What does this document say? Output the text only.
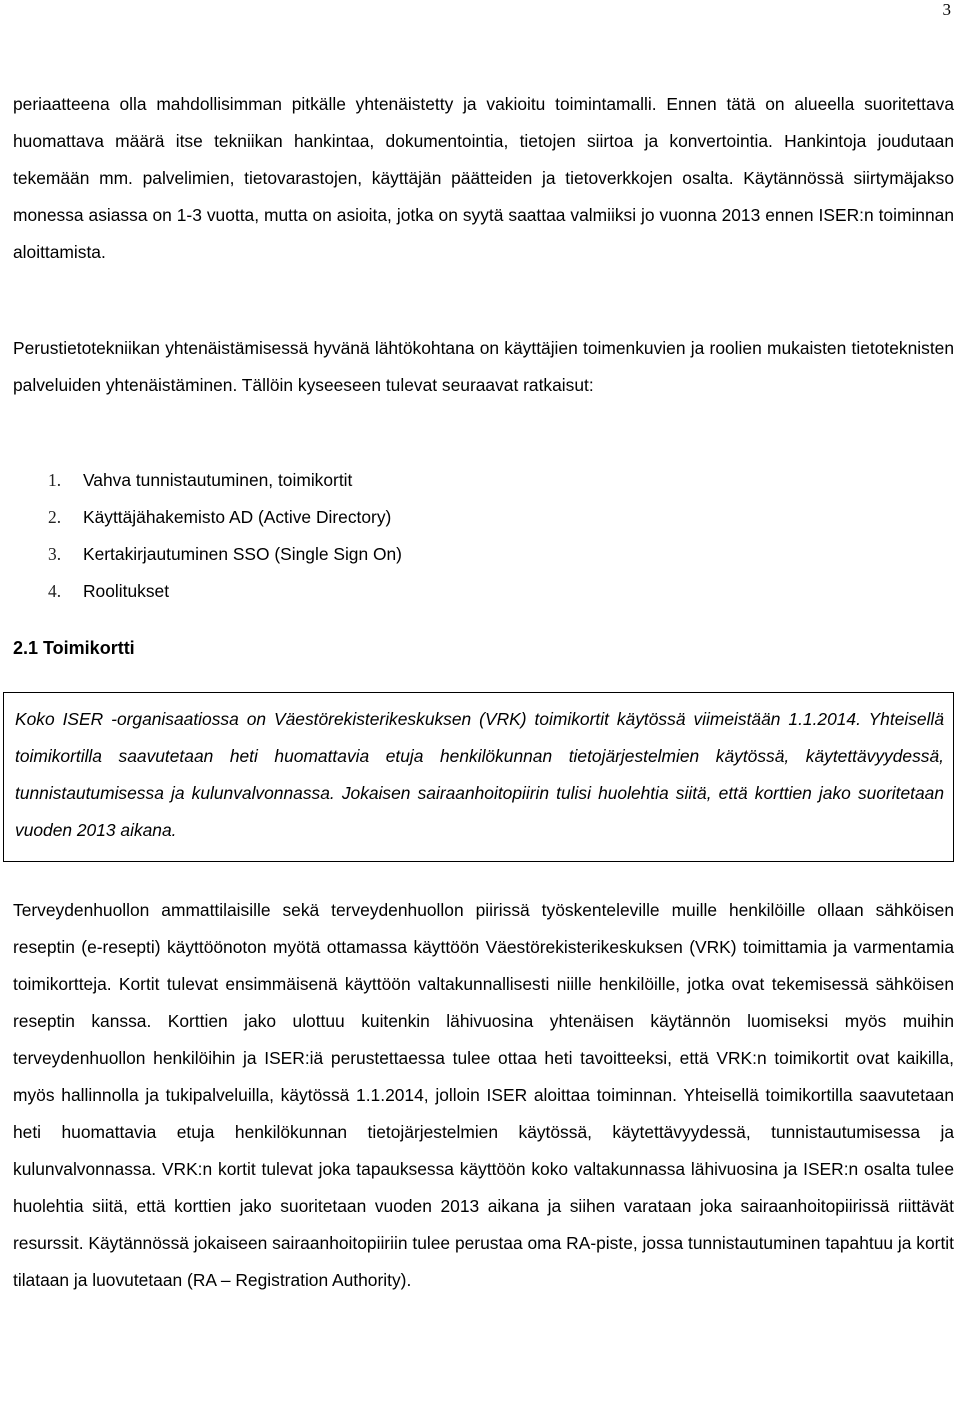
3

periaatteena olla mahdollisimman pitkälle yhtenäistetty ja vakioitu toimintamalli. Ennen tätä on alueella suoritettava huomattava määrä itse tekniikan hankintaa, dokumentointia, tietojen siirtoa ja konvertointia. Hankintoja joudutaan tekemään mm. palvelimien, tietovarastojen, käyttäjän päätteiden ja tietoverkkojen osalta. Käytännössä siirtymäjakso monessa asiassa on 1-3 vuotta, mutta on asioita, jotka on syytä saattaa valmiiksi jo vuonna 2013 ennen ISER:n toiminnan aloittamista.

Perustietotekniikan yhtenäistämisessä hyvänä lähtökohtana on käyttäjien toimenkuvien ja roolien mukaisten tietoteknisten palveluiden yhtenäistäminen. Tällöin kyseeseen tulevat seuraavat ratkaisut:

1.	Vahva tunnistautuminen, toimikortit
2.	Käyttäjähakemisto AD (Active Directory)
3.	Kertakirjautuminen SSO (Single Sign On)
4.	Roolitukset
2.1 Toimikortti

Koko ISER -organisaatiossa on Väestörekisterikeskuksen (VRK) toimikortit käytössä viimeistään 1.1.2014. Yhteisellä toimikortilla saavutetaan heti huomattavia etuja henkilökunnan tietojärjestelmien käytössä, käytettävyydessä, tunnistautumisessa ja kulunvalvonnassa. Jokaisen sairaanhoitopiirin tulisi huolehtia siitä, että korttien jako suoritetaan vuoden 2013 aikana.

Terveydenhuollon ammattilaisille sekä terveydenhuollon piirissä työskenteleville muille henkilöille ollaan sähköisen reseptin (e-resepti) käyttöönoton myötä ottamassa käyttöön Väestörekisterikeskuksen (VRK) toimittamia ja varmentamia toimikortteja. Kortit tulevat ensimmäisenä käyttöön valtakunnallisesti niille henkilöille, jotka ovat tekemisessä sähköisen reseptin kanssa. Korttien jako ulottuu kuitenkin lähivuosina yhtenäisen käytännön luomiseksi myös muihin terveydenhuollon henkilöihin ja ISER:iä perustettaessa tulee ottaa heti tavoitteeksi, että VRK:n toimikortit ovat kaikilla, myös hallinnolla ja tukipalveluilla, käytössä 1.1.2014, jolloin ISER aloittaa toiminnan. Yhteisellä toimikortilla saavutetaan heti huomattavia etuja henkilökunnan tietojärjestelmien käytössä, käytettävyydessä, tunnistautumisessa ja kulunvalvonnassa. VRK:n kortit tulevat joka tapauksessa käyttöön koko valtakunnassa lähivuosina ja ISER:n osalta tulee huolehtia siitä, että korttien jako suoritetaan vuoden 2013 aikana ja siihen varataan joka sairaanhoitopiirissä riittävät resurssit. Käytännössä jokaiseen sairaanhoitopiiriin tulee perustaa oma RA-piste, jossa tunnistautuminen tapahtuu ja kortit tilataan ja luovutetaan (RA – Registration Authority).
